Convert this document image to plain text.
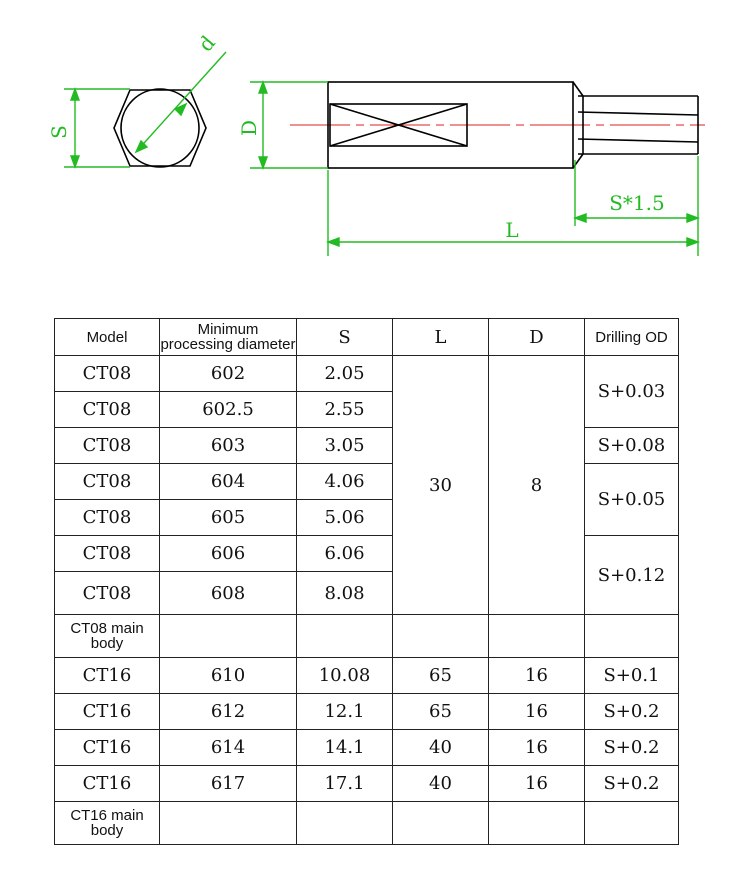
S
d
D
S*1.5
L
Model	Minimum processing diameter	S	L	D	Drilling OD
CT08	602	2.05	30	8	S+0.03
CT08	602.5	2.55			
CT08	603	3.05			S+0.08
CT08	604	4.06			S+0.05
CT08	605	5.06			
CT08	606	6.06			S+0.12
CT08	608	8.08			
CT08 main body					
CT16	610	10.08	65	16	S+0.1
CT16	612	12.1	65	16	S+0.2
CT16	614	14.1	40	16	S+0.2
CT16	617	17.1	40	16	S+0.2
CT16 main body					
